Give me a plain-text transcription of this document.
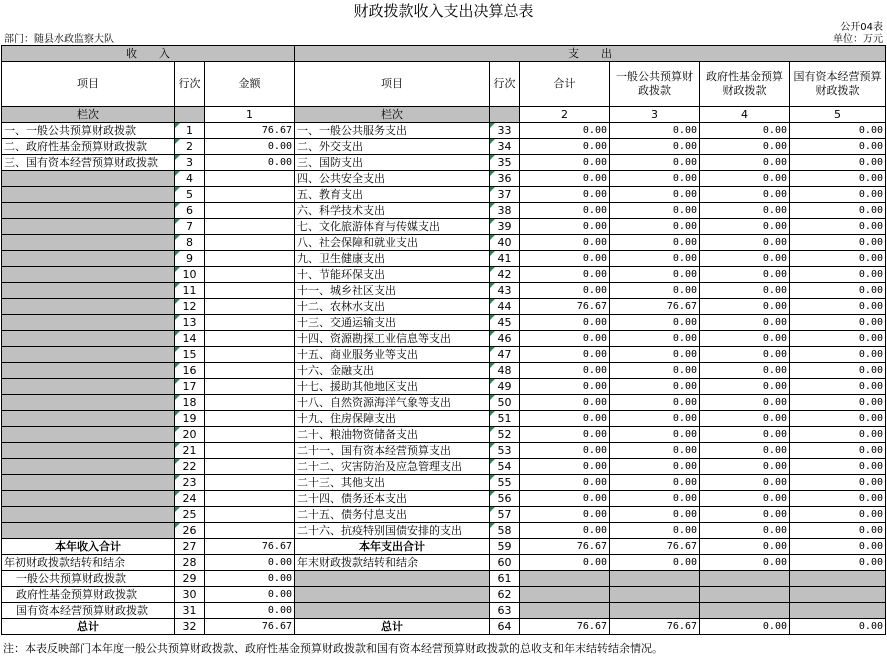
财政拨款收入支出决算总表
公开04表
部门：随县水政监察大队	单位：万元
收　　入			支　　出					
项目	行次	金额	项目	行次	合计	一般公共预算财政拨款	政府性基金预算财政拨款	国有资本经营预算财政拨款
栏次		1	栏次		2	3	4	5
一、一般公共预算财政拨款	1	76.67	一、一般公共服务支出	33	0.00	0.00	0.00	0.00
二、政府性基金预算财政拨款	2	0.00	二、外交支出	34	0.00	0.00	0.00	0.00
三、国有资本经营预算财政拨款	3	0.00	三、国防支出	35	0.00	0.00	0.00	0.00
	4		四、公共安全支出	36	0.00	0.00	0.00	0.00
	5		五、教育支出	37	0.00	0.00	0.00	0.00
	6		六、科学技术支出	38	0.00	0.00	0.00	0.00
	7		七、文化旅游体育与传媒支出	39	0.00	0.00	0.00	0.00
	8		八、社会保障和就业支出	40	0.00	0.00	0.00	0.00
	9		九、卫生健康支出	41	0.00	0.00	0.00	0.00
	10		十、节能环保支出	42	0.00	0.00	0.00	0.00
	11		十一、城乡社区支出	43	0.00	0.00	0.00	0.00
	12		十二、农林水支出	44	76.67	76.67	0.00	0.00
	13		十三、交通运输支出	45	0.00	0.00	0.00	0.00
	14		十四、资源勘探工业信息等支出	46	0.00	0.00	0.00	0.00
	15		十五、商业服务业等支出	47	0.00	0.00	0.00	0.00
	16		十六、金融支出	48	0.00	0.00	0.00	0.00
	17		十七、援助其他地区支出	49	0.00	0.00	0.00	0.00
	18		十八、自然资源海洋气象等支出	50	0.00	0.00	0.00	0.00
	19		十九、住房保障支出	51	0.00	0.00	0.00	0.00
	20		二十、粮油物资储备支出	52	0.00	0.00	0.00	0.00
	21		二十一、国有资本经营预算支出	53	0.00	0.00	0.00	0.00
	22		二十二、灾害防治及应急管理支出	54	0.00	0.00	0.00	0.00
	23		二十三、其他支出	55	0.00	0.00	0.00	0.00
	24		二十四、债务还本支出	56	0.00	0.00	0.00	0.00
	25		二十五、债务付息支出	57	0.00	0.00	0.00	0.00
	26		二十六、抗疫特别国债安排的支出	58	0.00	0.00	0.00	0.00
本年收入合计	27	76.67	本年支出合计	59	76.67	76.67	0.00	0.00
年初财政拨款结转和结余	28	0.00	年末财政拨款结转和结余	60	0.00	0.00	0.00	0.00
一般公共预算财政拨款	29	0.00		61				
政府性基金预算财政拨款	30	0.00		62				
国有资本经营预算财政拨款	31	0.00		63				
总计	32	76.67	总计	64	76.67	76.67	0.00	0.00
注：本表反映部门本年度一般公共预算财政拨款、政府性基金预算财政拨款和国有资本经营预算财政拨款的总收支和年末结转结余情况。
